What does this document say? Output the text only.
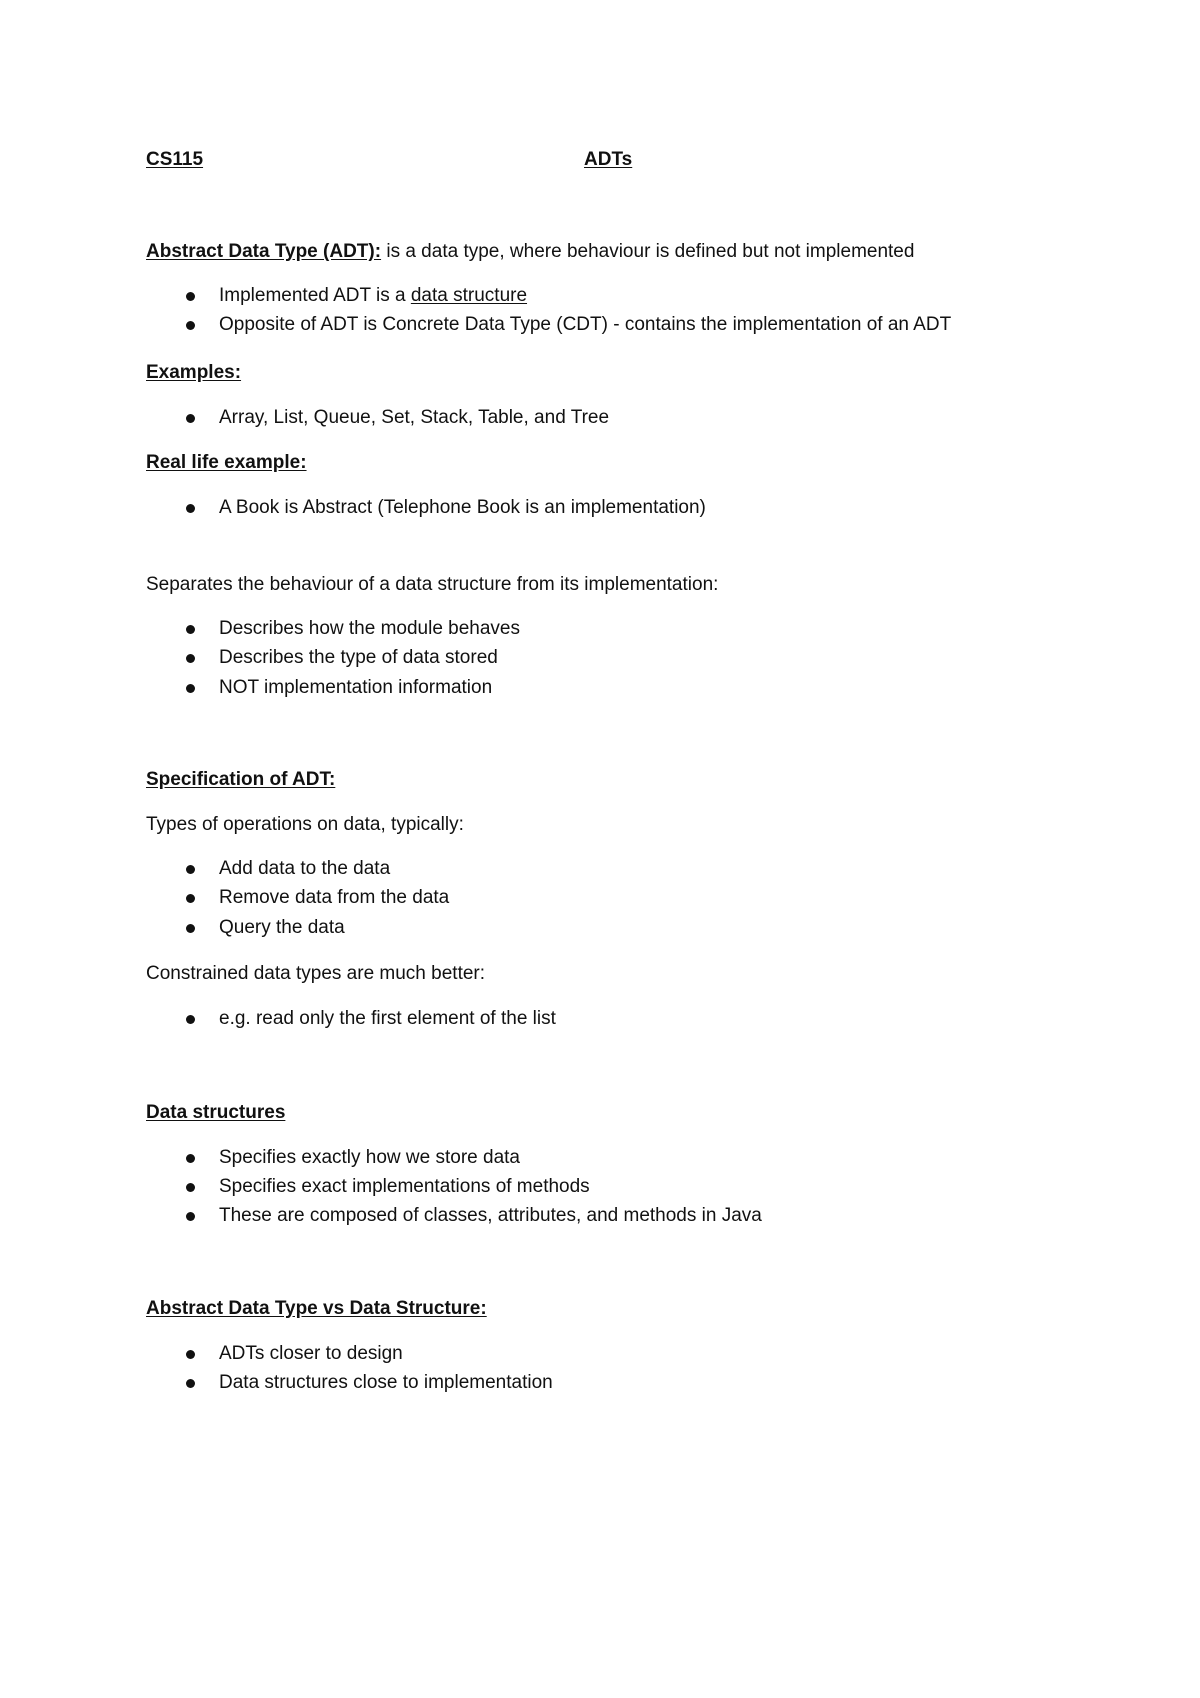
CS115	ADTs
Abstract Data Type (ADT): is a data type, where behaviour is defined but not implemented
Implemented ADT is a data structure
Opposite of ADT is Concrete Data Type (CDT) - contains the implementation of an ADT
Examples:
Array, List, Queue, Set, Stack, Table, and Tree
Real life example:
A Book is Abstract (Telephone Book is an implementation)
Separates the behaviour of a data structure from its implementation:
Describes how the module behaves
Describes the type of data stored
NOT implementation information
Specification of ADT:
Types of operations on data, typically:
Add data to the data
Remove data from the data
Query the data
Constrained data types are much better:
e.g. read only the first element of the list
Data structures
Specifies exactly how we store data
Specifies exact implementations of methods
These are composed of classes, attributes, and methods in Java
Abstract Data Type vs Data Structure:
ADTs closer to design
Data structures close to implementation
